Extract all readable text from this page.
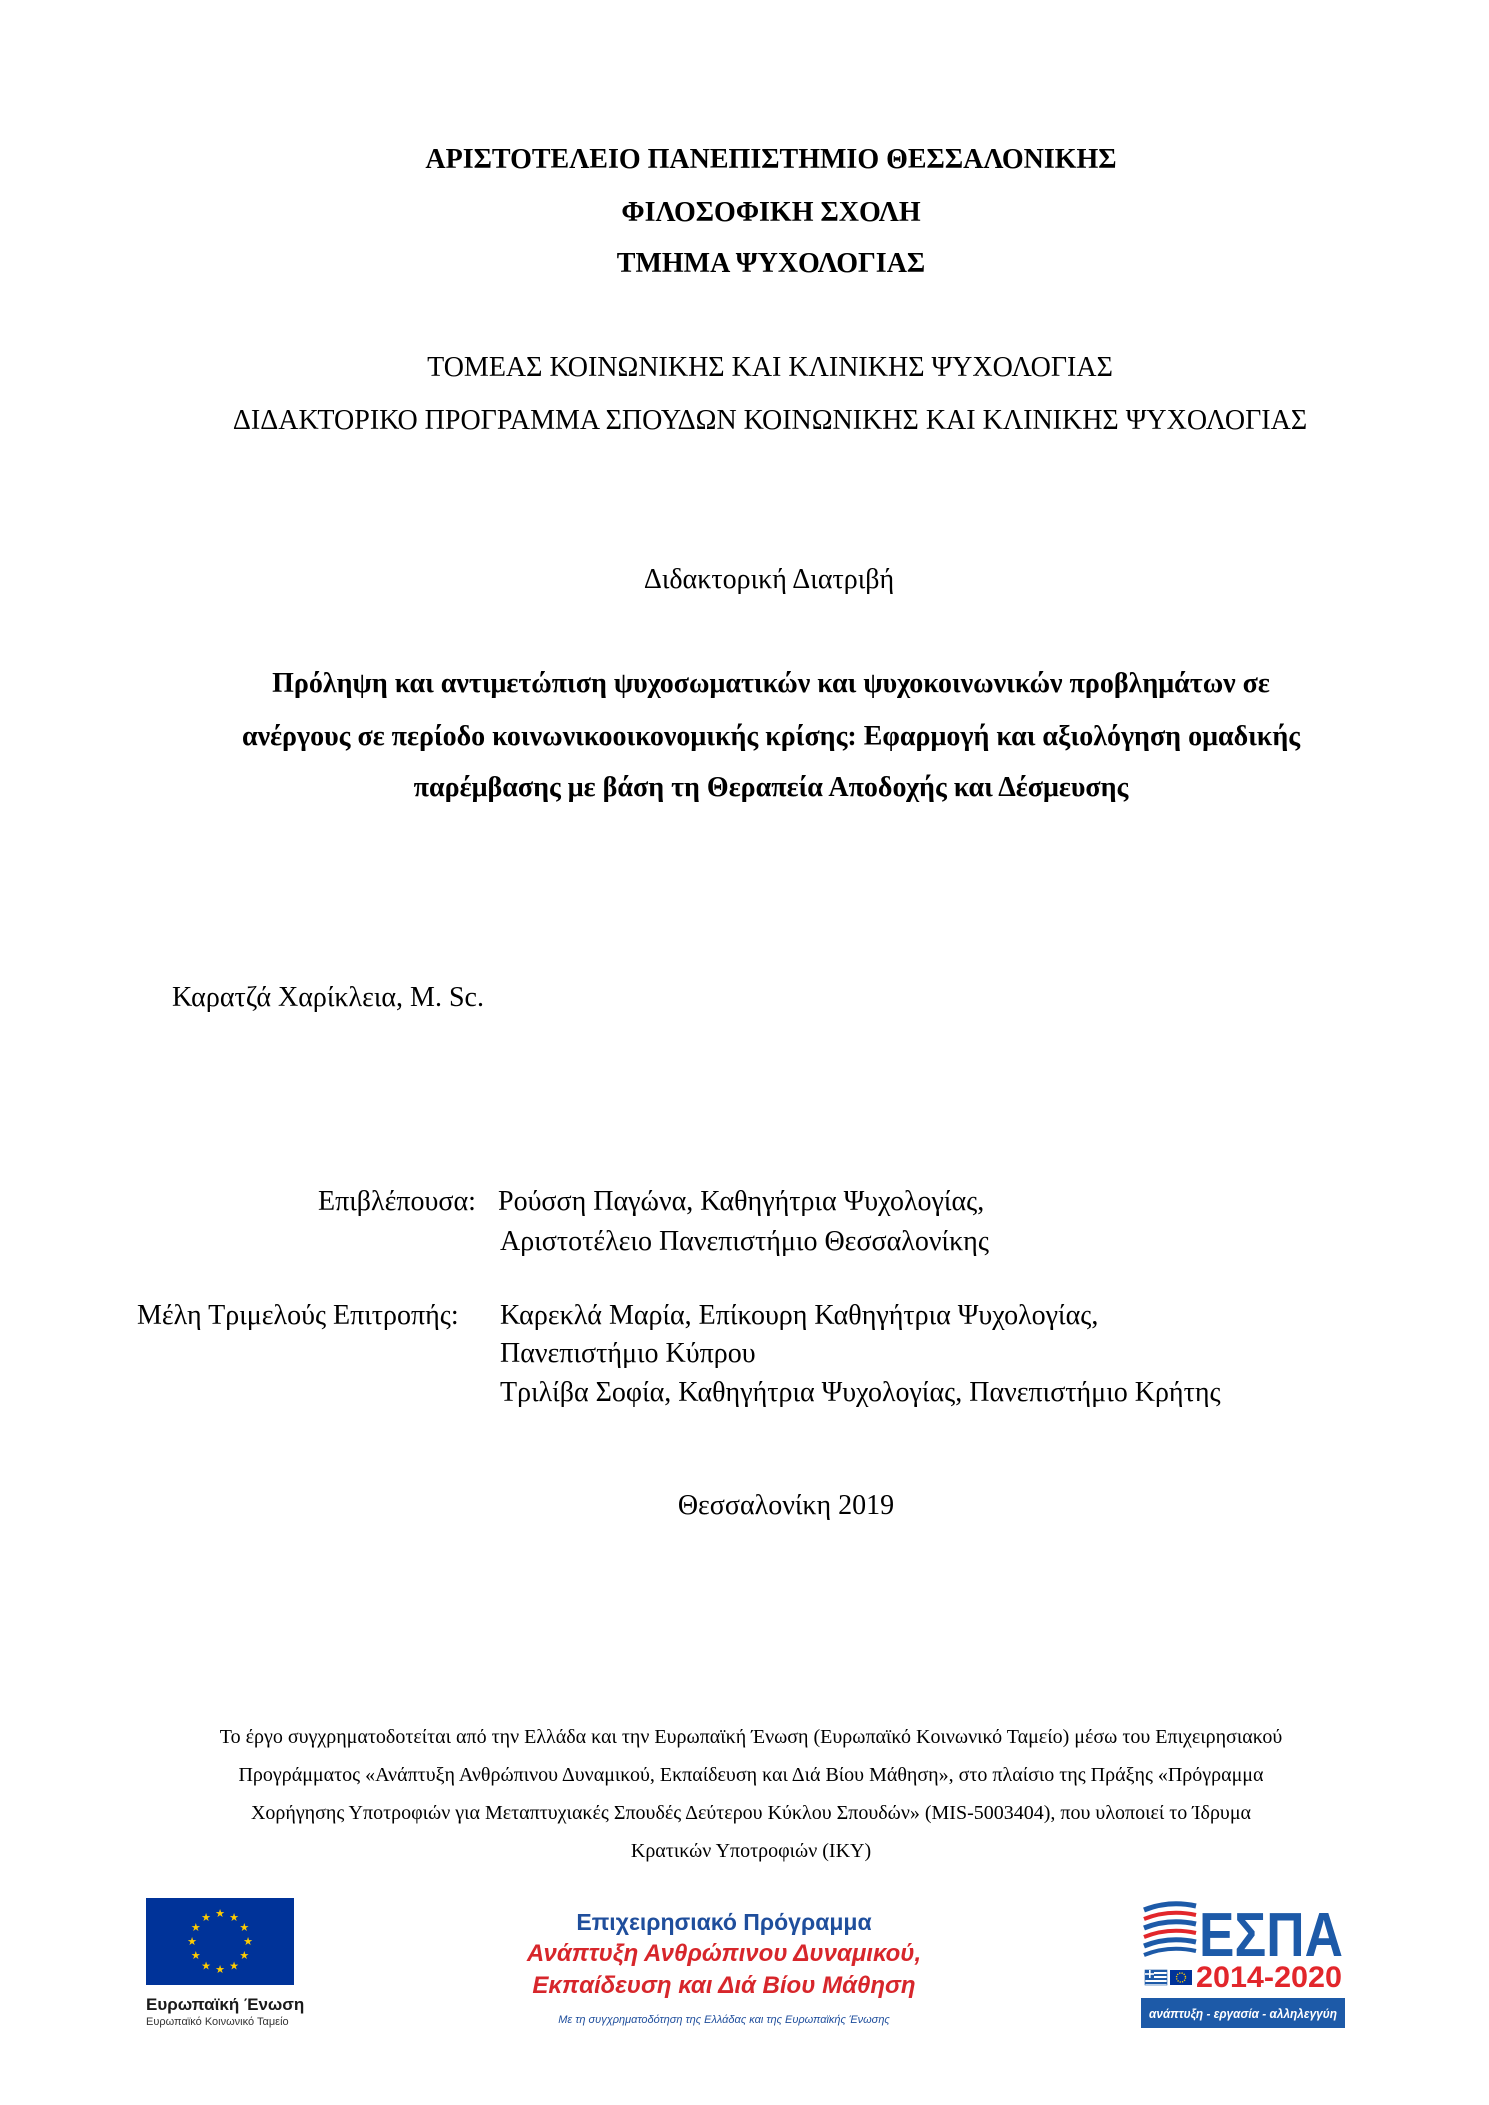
ΑΡΙΣΤΟΤΕΛΕΙΟ ΠΑΝΕΠΙΣΤΗΜΙΟ ΘΕΣΣΑΛΟΝΙΚΗΣ
ΦΙΛΟΣΟΦΙΚΗ ΣΧΟΛΗ
ΤΜΗΜΑ ΨΥΧΟΛΟΓΙΑΣ
ΤΟΜΕΑΣ ΚΟΙΝΩΝΙΚΗΣ ΚΑΙ ΚΛΙΝΙΚΗΣ ΨΥΧΟΛΟΓΙΑΣ
ΔΙΔΑΚΤΟΡΙΚΟ ΠΡΟΓΡΑΜΜΑ ΣΠΟΥΔΩΝ ΚΟΙΝΩΝΙΚΗΣ ΚΑΙ ΚΛΙΝΙΚΗΣ ΨΥΧΟΛΟΓΙΑΣ
Διδακτορική Διατριβή
Πρόληψη και αντιμετώπιση ψυχοσωματικών και ψυχοκοινωνικών προβλημάτων σε
ανέργους σε περίοδο κοινωνικοοικονομικής κρίσης: Εφαρμογή και αξιολόγηση ομαδικής
παρέμβασης με βάση τη Θεραπεία Αποδοχής και Δέσμευσης
Καρατζά Χαρίκλεια, M. Sc.
Επιβλέπουσα: Ρούσση Παγώνα, Καθηγήτρια Ψυχολογίας,
Αριστοτέλειο Πανεπιστήμιο Θεσσαλονίκης
Μέλη Τριμελούς Επιτροπής: Καρεκλά Μαρία, Επίκουρη Καθηγήτρια Ψυχολογίας,
Πανεπιστήμιο Κύπρου
Τριλίβα Σοφία, Καθηγήτρια Ψυχολογίας, Πανεπιστήμιο Κρήτης
Θεσσαλονίκη 2019
Το έργο συγχρηματοδοτείται από την Ελλάδα και την Ευρωπαϊκή Ένωση (Ευρωπαϊκό Κοινωνικό Ταμείο) μέσω του Επιχειρησιακού
Προγράμματος «Ανάπτυξη Ανθρώπινου Δυναμικού, Εκπαίδευση και Διά Βίου Μάθηση», στο πλαίσιο της Πράξης «Πρόγραμμα
Χορήγησης Υποτροφιών για Μεταπτυχιακές Σπουδές Δεύτερου Κύκλου Σπουδών» (MIS-5003404), που υλοποιεί το Ίδρυμα
Κρατικών Υποτροφιών (ΙΚΥ)
★ ★
★
★
★
★
★
★
★
★
★
★
Ευρωπαϊκή Ένωση
Ευρωπαϊκό Κοινωνικό Ταμείο
Επιχειρησιακό Πρόγραμμα
Ανάπτυξη Ανθρώπινου Δυναμικού,
Εκπαίδευση και Διά Βίου Μάθηση
Με τη συγχρηματοδότηση της Ελλάδας και της Ευρωπαϊκής Ένωσης
ΕΣΠΑ
2014-2020
ανάπτυξη - εργασία - αλληλεγγύη
